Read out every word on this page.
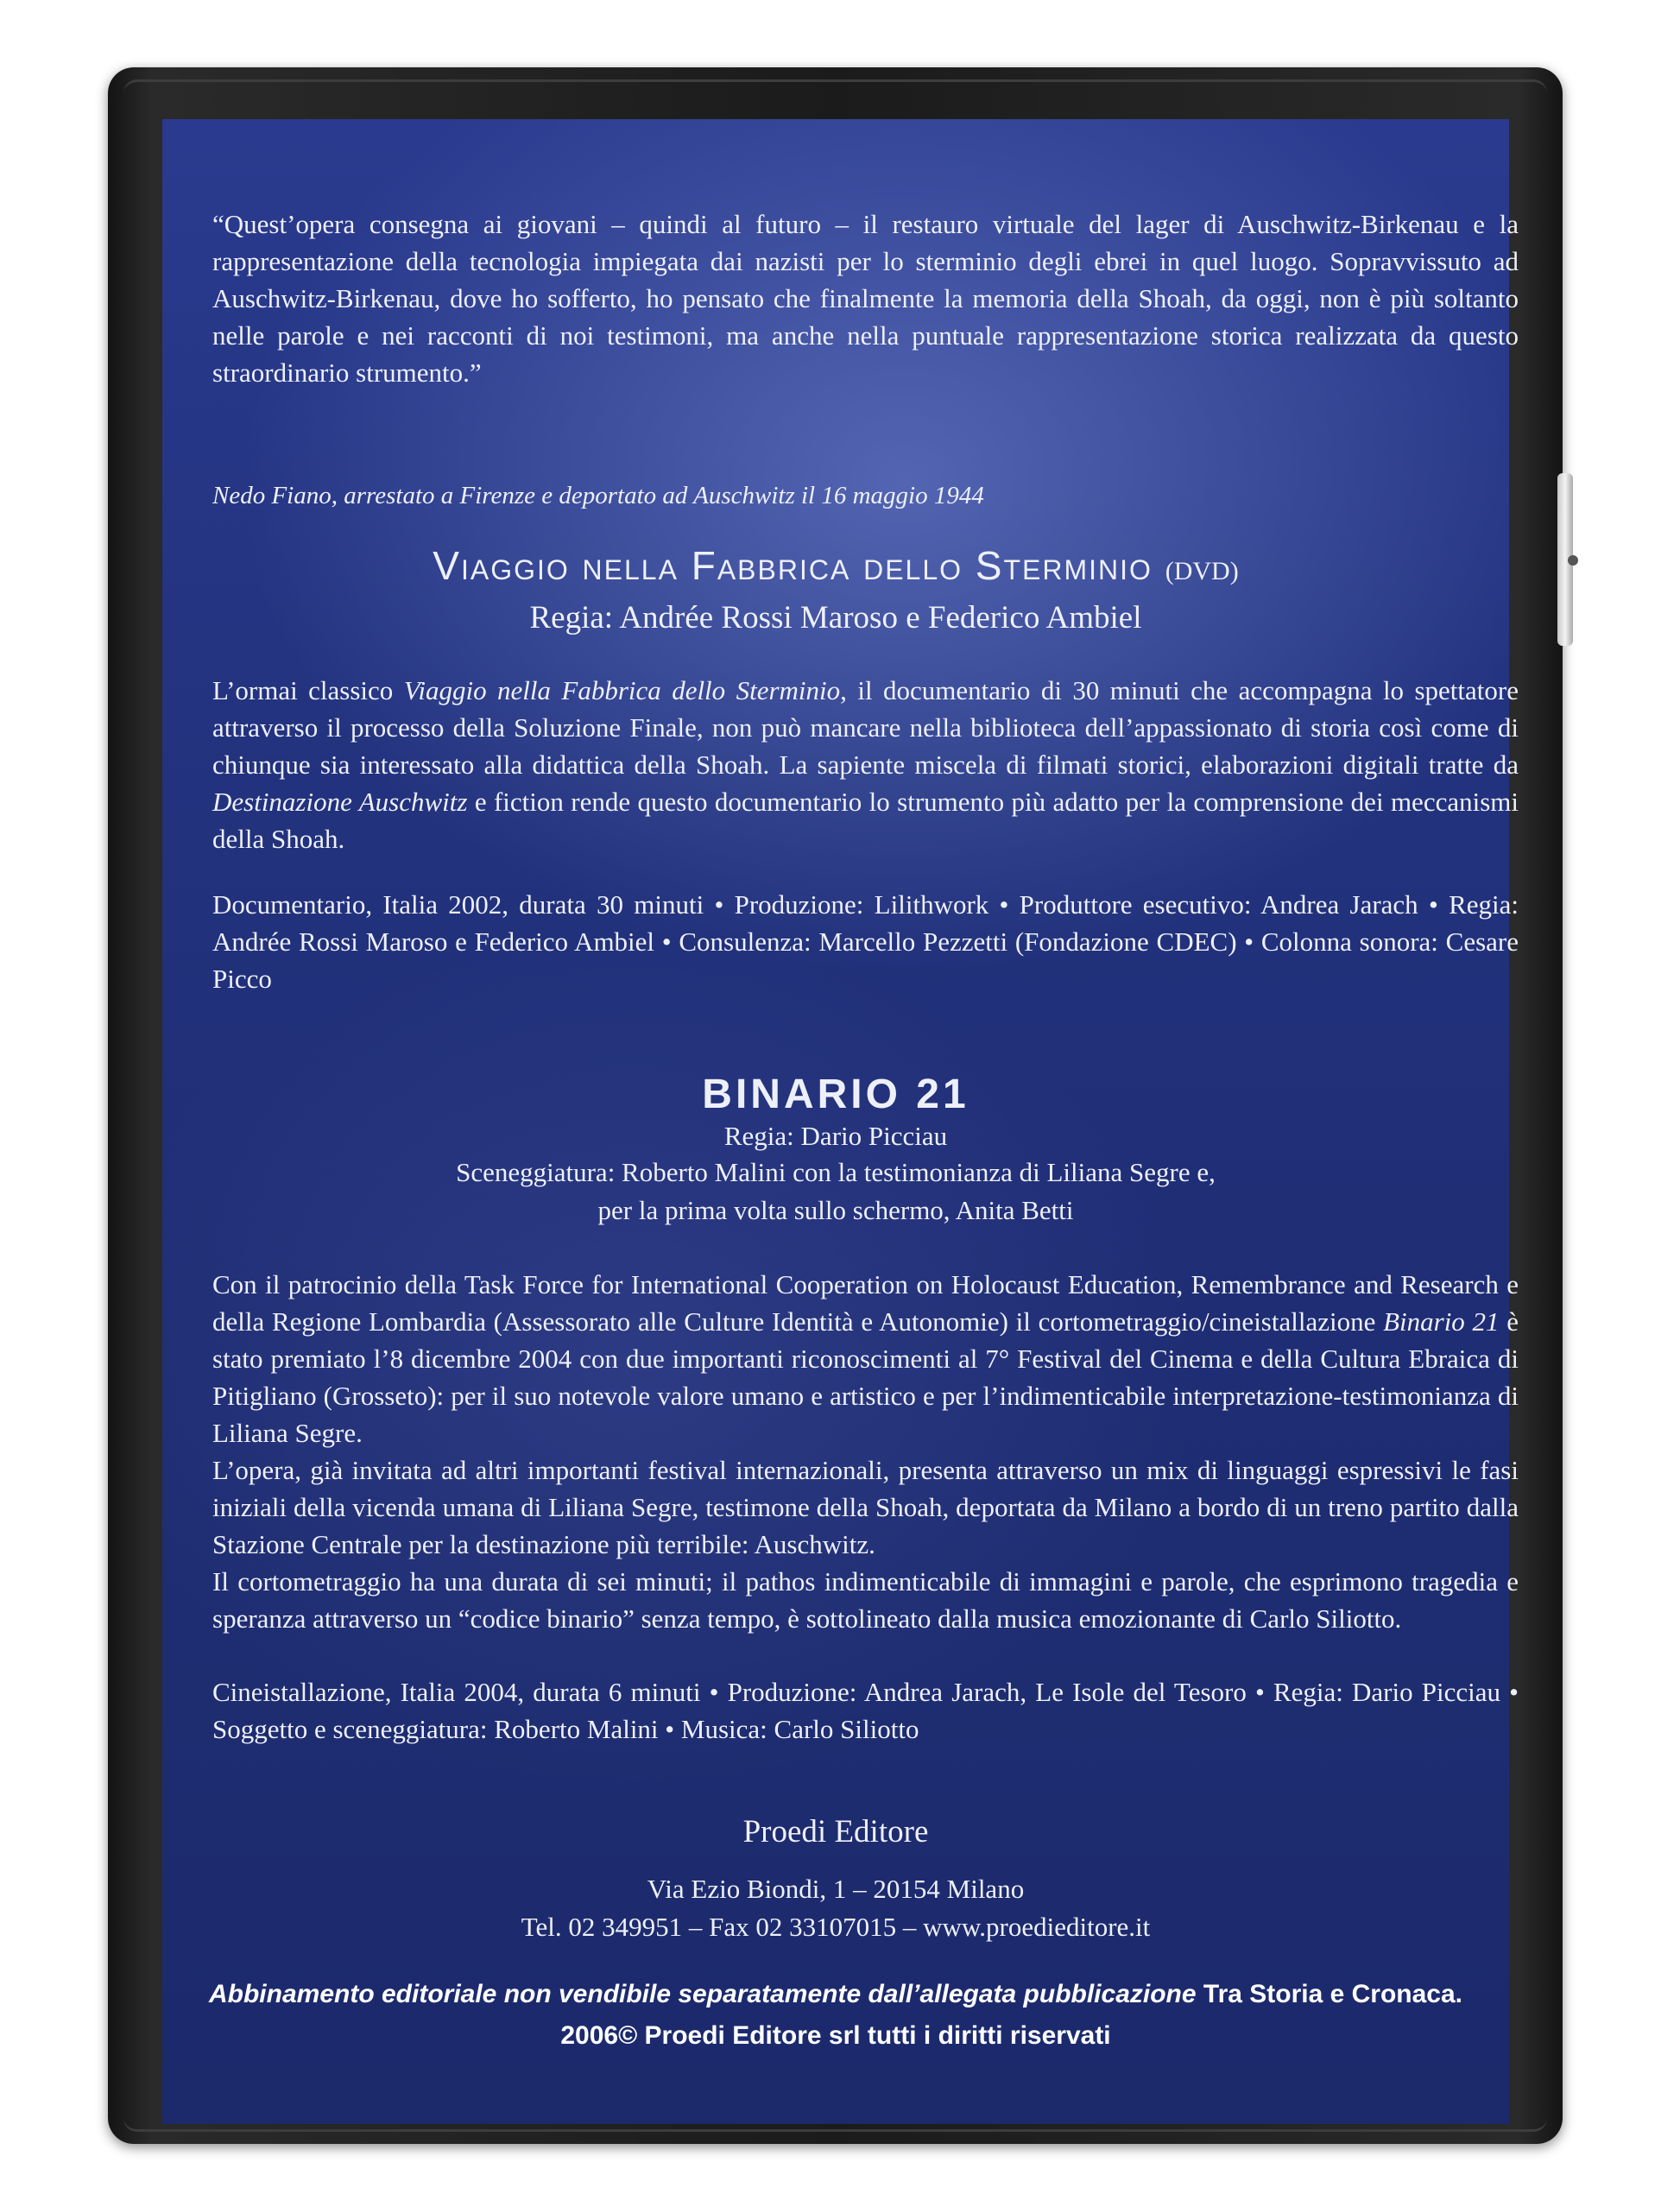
“Quest’opera consegna ai giovani – quindi al futuro – il restauro virtuale del lager di Auschwitz-Birkenau e la rappresentazione della tecnologia impiegata dai nazisti per lo sterminio degli ebrei in quel luogo. Sopravvissuto ad Auschwitz-Birkenau, dove ho sofferto, ho pensato che finalmente la memoria della Shoah, da oggi, non è più soltanto nelle parole e nei racconti di noi testimoni, ma anche nella puntuale rappresentazione storica realizzata da questo straordinario strumento.”
Nedo Fiano, arrestato a Firenze e deportato ad Auschwitz il 16 maggio 1944
Viaggio nella Fabbrica dello Sterminio (DVD)
Regia: Andrée Rossi Maroso e Federico Ambiel
L’ormai classico Viaggio nella Fabbrica dello Sterminio, il documentario di 30 minuti che accompagna lo spettatore attraverso il processo della Soluzione Finale, non può mancare nella biblioteca dell’appassionato di storia così come di chiunque sia interessato alla didattica della Shoah. La sapiente miscela di filmati storici, elaborazioni digitali tratte da Destinazione Auschwitz e fiction rende questo documentario lo strumento più adatto per la comprensione dei meccanismi della Shoah.
Documentario, Italia 2002, durata 30 minuti • Produzione: Lilithwork • Produttore esecutivo: Andrea Jarach • Regia: Andrée Rossi Maroso e Federico Ambiel • Consulenza: Marcello Pezzetti (Fondazione CDEC) • Colonna sonora: Cesare Picco
BINARIO 21
Regia: Dario Picciau
Sceneggiatura: Roberto Malini con la testimonianza di Liliana Segre e,
per la prima volta sullo schermo, Anita Betti
Con il patrocinio della Task Force for International Cooperation on Holocaust Education, Remembrance and Research e della Regione Lombardia (Assessorato alle Culture Identità e Autonomie) il cortometraggio/cineistallazione Binario 21 è stato premiato l’8 dicembre 2004 con due importanti riconoscimenti al 7° Festival del Cinema e della Cultura Ebraica di Pitigliano (Grosseto): per il suo notevole valore umano e artistico e per l’indimenticabile interpretazione-testimonianza di Liliana Segre.
L’opera, già invitata ad altri importanti festival internazionali, presenta attraverso un mix di linguaggi espressivi le fasi iniziali della vicenda umana di Liliana Segre, testimone della Shoah, deportata da Milano a bordo di un treno partito dalla Stazione Centrale per la destinazione più terribile: Auschwitz.
Il cortometraggio ha una durata di sei minuti; il pathos indimenticabile di immagini e parole, che esprimono tragedia e speranza attraverso un “codice binario” senza tempo, è sottolineato dalla musica emozionante di Carlo Siliotto.
Cineistallazione, Italia 2004, durata 6 minuti • Produzione: Andrea Jarach, Le Isole del Tesoro • Regia: Dario Picciau • Soggetto e sceneggiatura: Roberto Malini • Musica: Carlo Siliotto
Proedi Editore
Via Ezio Biondi, 1 – 20154 Milano
Tel. 02 349951 – Fax 02 33107015 – www.proedieditore.it
Abbinamento editoriale non vendibile separatamente dall’allegata pubblicazione Tra Storia e Cronaca.
2006© Proedi Editore srl tutti i diritti riservati
